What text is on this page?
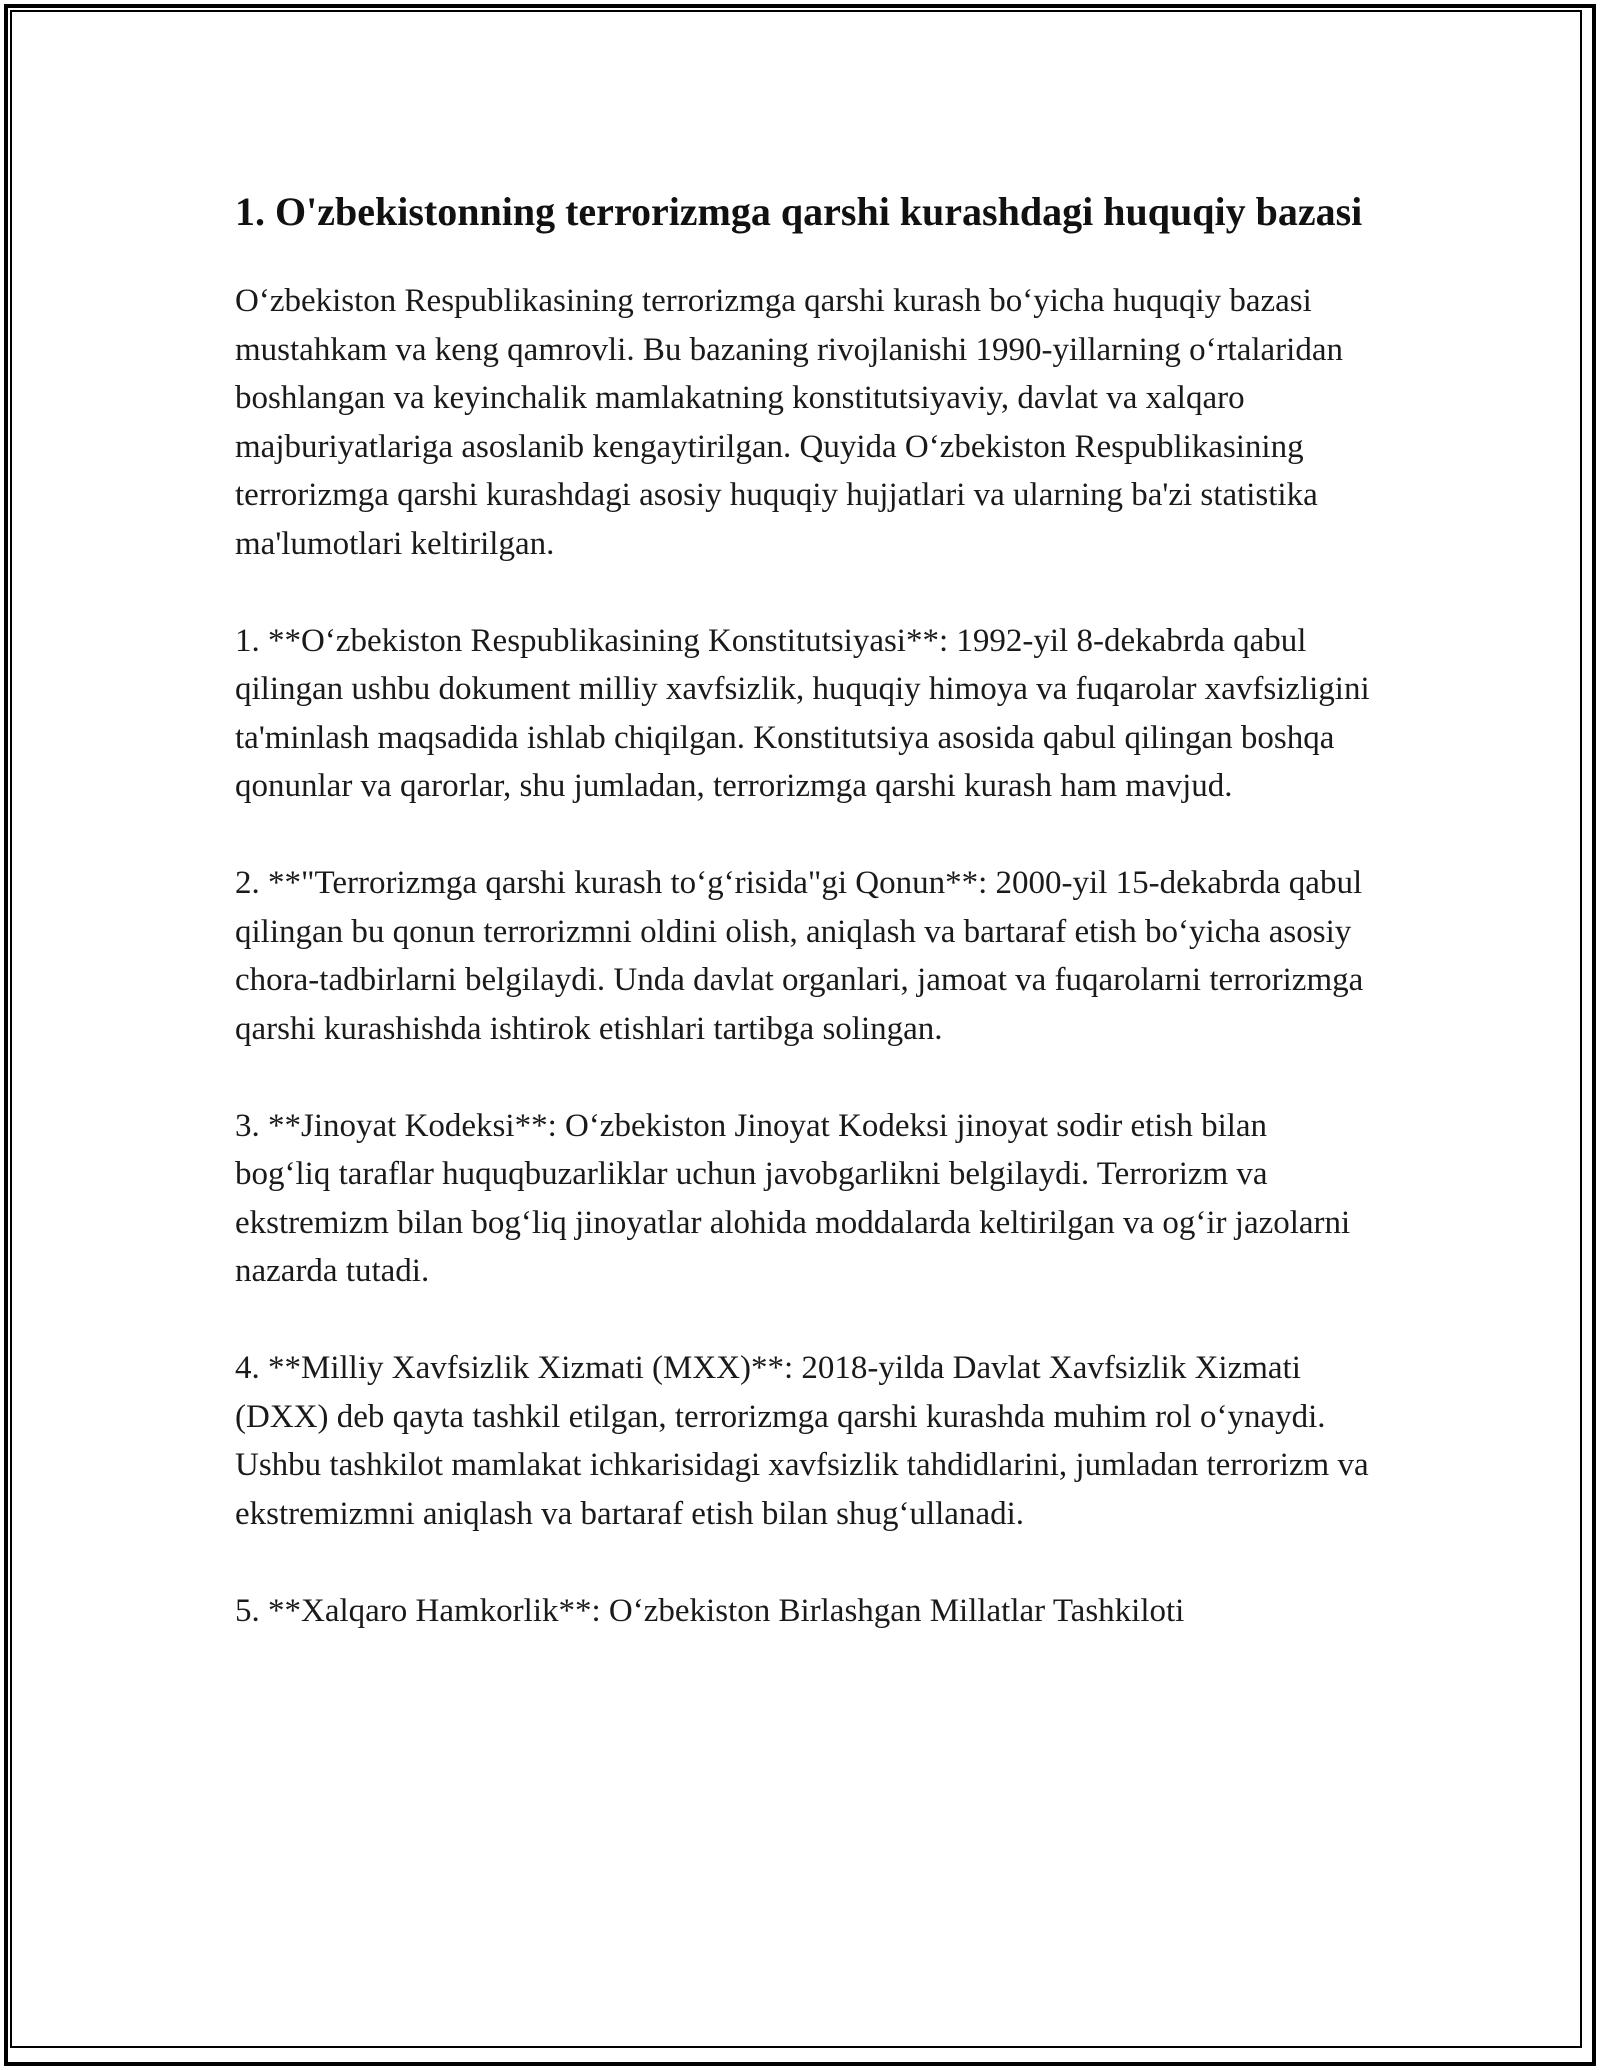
1. O'zbekistonning terrorizmga qarshi kurashdagi huquqiy bazasi

O‘zbekiston Respublikasining terrorizmga qarshi kurash bo‘yicha huquqiy bazasi mustahkam va keng qamrovli. Bu bazaning rivojlanishi 1990-yillarning o‘rtalaridan boshlangan va keyinchalik mamlakatning konstitutsiyaviy, davlat va xalqaro majburiyatlariga asoslanib kengaytirilgan. Quyida O‘zbekiston Respublikasining terrorizmga qarshi kurashdagi asosiy huquqiy hujjatlari va ularning ba'zi statistika ma'lumotlari keltirilgan.

1. **O‘zbekiston Respublikasining Konstitutsiyasi**: 1992-yil 8-dekabrda qabul qilingan ushbu dokument milliy xavfsizlik, huquqiy himoya va fuqarolar xavfsizligini ta'minlash maqsadida ishlab chiqilgan. Konstitutsiya asosida qabul qilingan boshqa qonunlar va qarorlar, shu jumladan, terrorizmga qarshi kurash ham mavjud.

2. **"Terrorizmga qarshi kurash to‘g‘risida"gi Qonun**: 2000-yil 15-dekabrda qabul qilingan bu qonun terrorizmni oldini olish, aniqlash va bartaraf etish bo‘yicha asosiy chora-tadbirlarni belgilaydi. Unda davlat organlari, jamoat va fuqarolarni terrorizmga qarshi kurashishda ishtirok etishlari tartibga solingan.

3. **Jinoyat Kodeksi**: O‘zbekiston Jinoyat Kodeksi jinoyat sodir etish bilan bog‘liq taraflar huquqbuzarliklar uchun javobgarlikni belgilaydi. Terrorizm va ekstremizm bilan bog‘liq jinoyatlar alohida moddalarda keltirilgan va og‘ir jazolarni nazarda tutadi.

4. **Milliy Xavfsizlik Xizmati (MXX)**: 2018-yilda Davlat Xavfsizlik Xizmati (DXX) deb qayta tashkil etilgan, terrorizmga qarshi kurashda muhim rol o‘ynaydi. Ushbu tashkilot mamlakat ichkarisidagi xavfsizlik tahdidlarini, jumladan terrorizm va ekstremizmni aniqlash va bartaraf etish bilan shug‘ullanadi.

5. **Xalqaro Hamkorlik**: O‘zbekiston Birlashgan Millatlar Tashkiloti
